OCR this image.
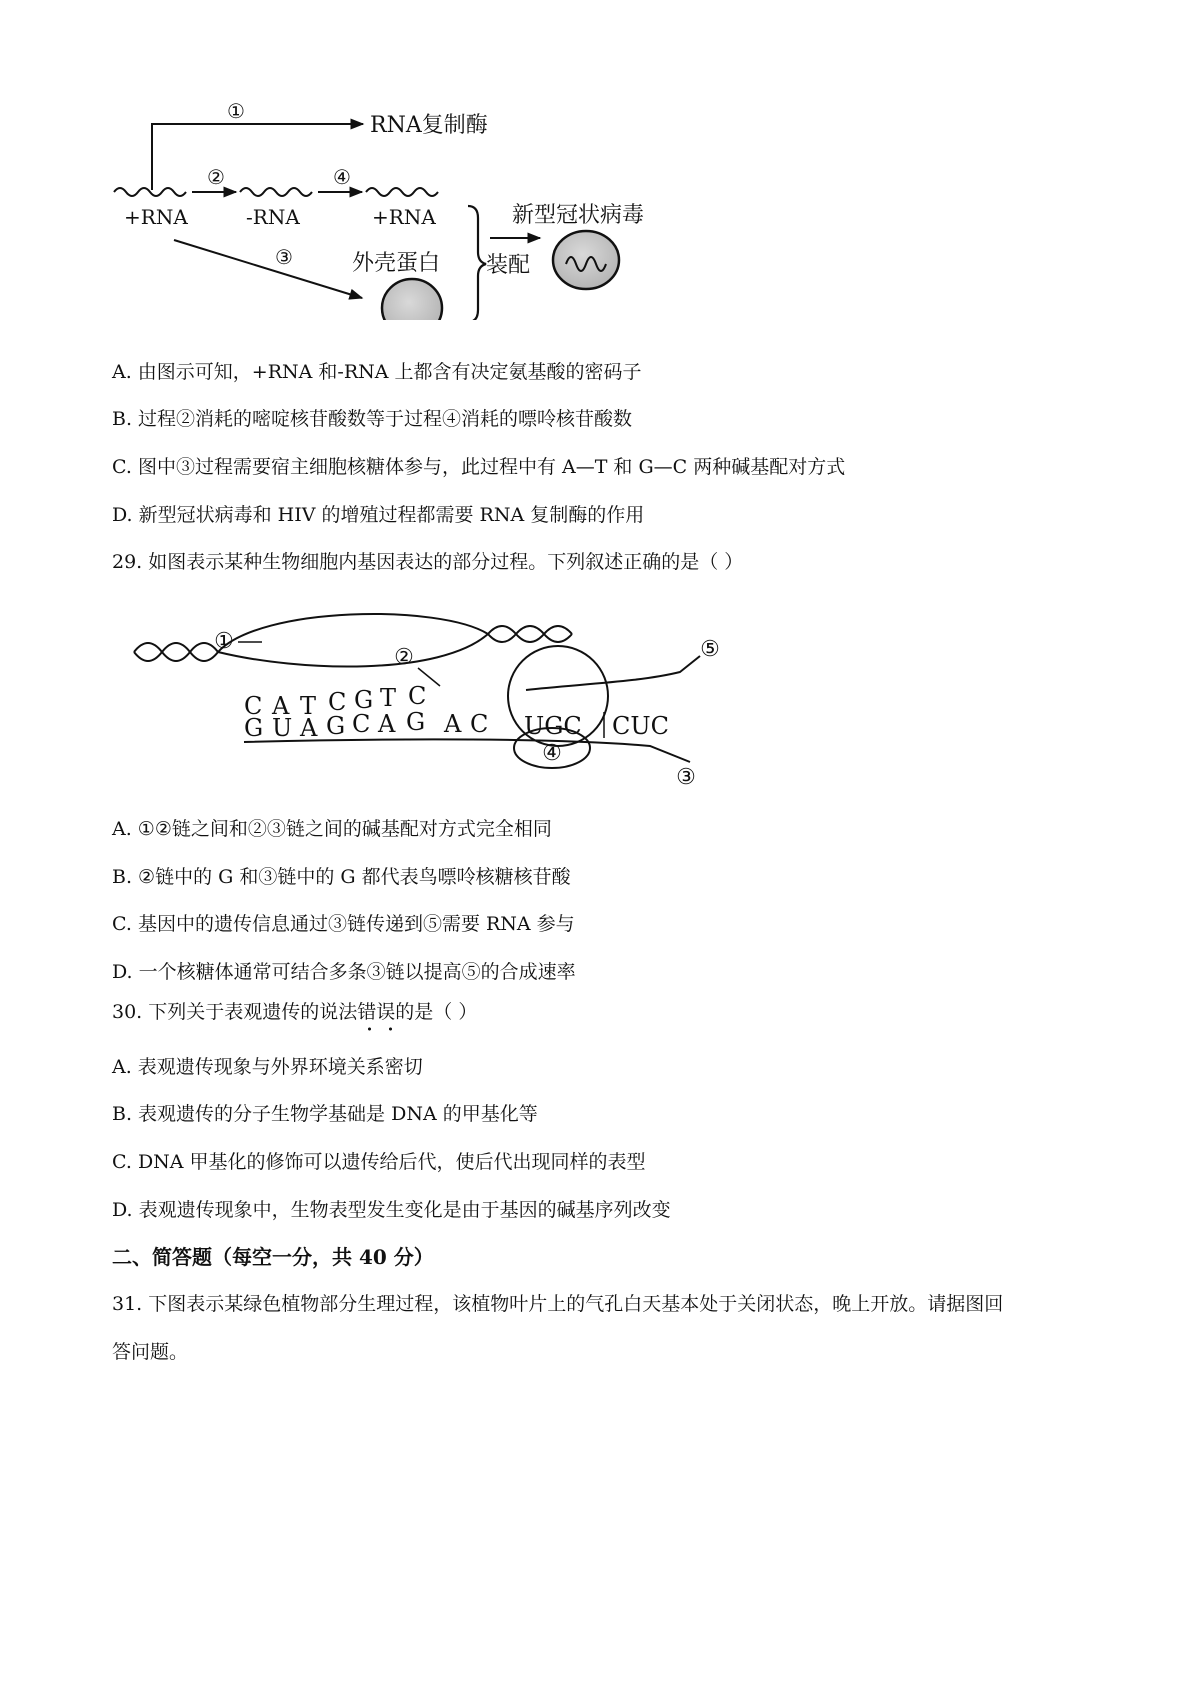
①
RNA复制酶
+RNA
②
-RNA
④
+RNA
③	外壳蛋白 装配
新型冠状病毒
A. 由图示可知，+RNA 和-RNA 上都含有决定氨基酸的密码子
B. 过程②消耗的嘧啶核苷酸数等于过程④消耗的嘌呤核苷酸数
C. 图中③过程需要宿主细胞核糖体参与，此过程中有 A—T 和 G—C 两种碱基配对方式
D. 新型冠状病毒和 HIV 的增殖过程都需要 RNA 复制酶的作用
29. 如图表示某种生物细胞内基因表达的部分过程。下列叙述正确的是（ ）
①
②
C A T C G T C
G U A G C A G A C UGC CUC
⑤
④
③
A. ①②链之间和②③链之间的碱基配对方式完全相同
B. ②链中的 G 和③链中的 G 都代表鸟嘌呤核糖核苷酸
C. 基因中的遗传信息通过③链传递到⑤需要 RNA 参与
D. 一个核糖体通常可结合多条③链以提高⑤的合成速率
30. 下列关于表观遗传的说法错误的是（ ）
A. 表观遗传现象与外界环境关系密切
B. 表观遗传的分子生物学基础是 DNA 的甲基化等
C. DNA 甲基化的修饰可以遗传给后代，使后代出现同样的表型
D. 表观遗传现象中，生物表型发生变化是由于基因的碱基序列改变
二、简答题（每空一分，共 40 分）
31. 下图表示某绿色植物部分生理过程，该植物叶片上的气孔白天基本处于关闭状态，晚上开放。请据图回
答问题。
